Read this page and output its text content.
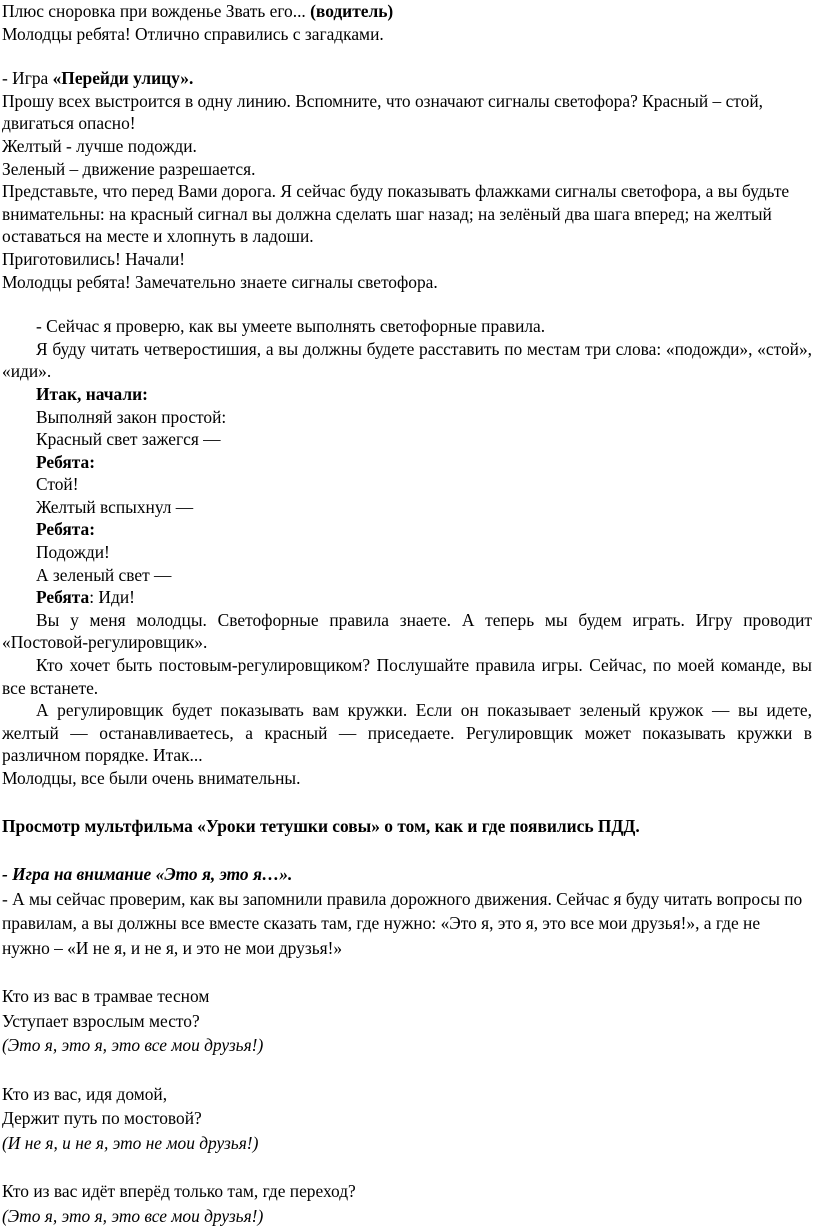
Плюс сноровка при вожденье Звать его... (водитель)

Молодцы ребята! Отлично справились с загадками.

- Игра «Перейди улицу».

Прошу всех выстроится в одну линию. Вспомните, что означают сигналы светофора? Красный – стой, двигаться опасно!

Желтый - лучше подожди.

Зеленый – движение разрешается.

Представьте, что перед Вами дорога. Я сейчас буду показывать флажками сигналы светофора, а вы будьте внимательны: на красный сигнал вы должна сделать шаг назад; на зелёный два шага вперед; на желтый оставаться на месте и хлопнуть в ладоши.

Приготовились! Начали!

Молодцы ребята! Замечательно знаете сигналы светофора.

- Сейчас я проверю, как вы умеете выполнять светофорные правила.

Я буду читать четверостишия, а вы должны будете расставить по местам три слова: «подожди», «стой», «иди».

Итак, начали:

Выполняй закон простой:

Красный свет зажегся —

Ребята:

Стой!

Желтый вспыхнул —

Ребята:

Подожди!

А зеленый свет —

Ребята: Иди!

Вы у меня молодцы. Светофорные правила знаете. А теперь мы будем играть. Игру проводит «Постовой-регулировщик».

Кто хочет быть постовым-регулировщиком? Послушайте правила игры. Сейчас, по моей команде, вы все встанете.

А регулировщик будет показывать вам кружки. Если он показывает зеленый кружок — вы идете, желтый — останавливаетесь, а красный — приседаете. Регулировщик может показывать кружки в различном порядке. Итак...

Молодцы, все были очень внимательны.

Просмотр мультфильма «Уроки тетушки совы» о том, как и где появились ПДД.

- Игра на внимание «Это я, это я…».

- А мы сейчас проверим, как вы запомнили правила дорожного движения. Сейчас я буду читать вопросы по правилам, а вы должны все вместе сказать там, где нужно: «Это я, это я, это все мои друзья!», а где не нужно – «И не я, и не я, и это не мои друзья!»

Кто из вас в трамвае тесном

Уступает взрослым место?

(Это я, это я, это все мои друзья!)

Кто из вас, идя домой,

Держит путь по мостовой?

(И не я, и не я, это не мои друзья!)

Кто из вас идёт вперёд только там, где переход?

(Это я, это я, это все мои друзья!)
